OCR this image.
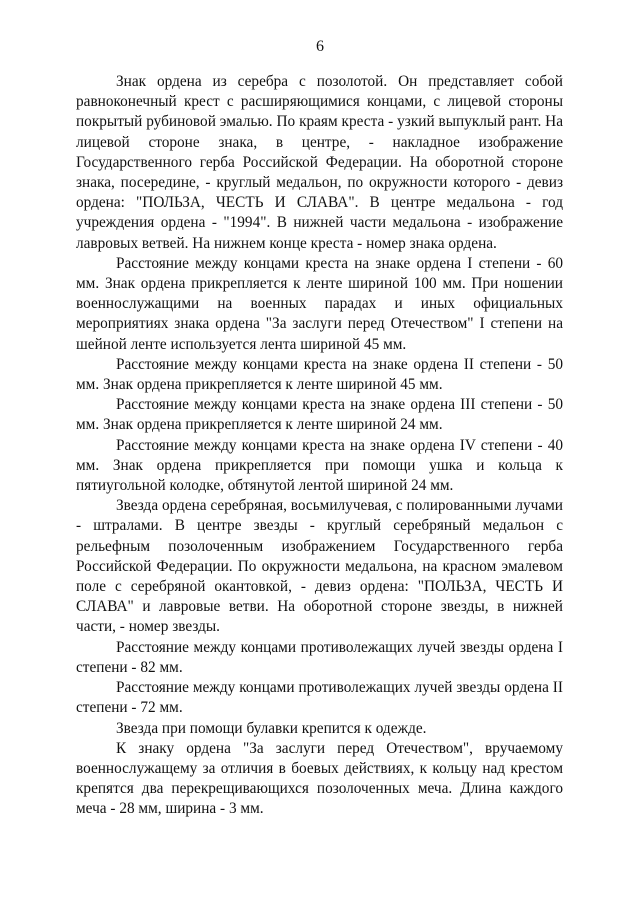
6

Знак ордена из серебра с позолотой. Он представляет собой равноконечный крест с расширяющимися концами, с лицевой стороны покрытый рубиновой эмалью. По краям креста - узкий выпуклый рант. На лицевой стороне знака, в центре, - накладное изображение Государственного герба Российской Федерации. На оборотной стороне знака, посередине, - круглый медальон, по окружности которого - девиз ордена: "ПОЛЬЗА, ЧЕСТЬ И СЛАВА". В центре медальона - год учреждения ордена - "1994". В нижней части медальона - изображение лавровых ветвей. На нижнем конце креста - номер знака ордена.

Расстояние между концами креста на знаке ордена I степени - 60 мм. Знак ордена прикрепляется к ленте шириной 100 мм. При ношении военнослужащими на военных парадах и иных официальных мероприятиях знака ордена "За заслуги перед Отечеством" I степени на шейной ленте используется лента шириной 45 мм.

Расстояние между концами креста на знаке ордена II степени - 50 мм. Знак ордена прикрепляется к ленте шириной 45 мм.

Расстояние между концами креста на знаке ордена III степени - 50 мм. Знак ордена прикрепляется к ленте шириной 24 мм.

Расстояние между концами креста на знаке ордена IV степени - 40 мм. Знак ордена прикрепляется при помощи ушка и кольца к пятиугольной колодке, обтянутой лентой шириной 24 мм.

Звезда ордена серебряная, восьмилучевая, с полированными лучами - штралами. В центре звезды - круглый серебряный медальон с рельефным позолоченным изображением Государственного герба Российской Федерации. По окружности медальона, на красном эмалевом поле с серебряной окантовкой, - девиз ордена: "ПОЛЬЗА, ЧЕСТЬ И СЛАВА" и лавровые ветви. На оборотной стороне звезды, в нижней части, - номер звезды.

Расстояние между концами противолежащих лучей звезды ордена I степени - 82 мм.

Расстояние между концами противолежащих лучей звезды ордена II степени - 72 мм.

Звезда при помощи булавки крепится к одежде.

К знаку ордена "За заслуги перед Отечеством", вручаемому военнослужащему за отличия в боевых действиях, к кольцу над крестом крепятся два перекрещивающихся позолоченных меча. Длина каждого меча - 28 мм, ширина - 3 мм.
